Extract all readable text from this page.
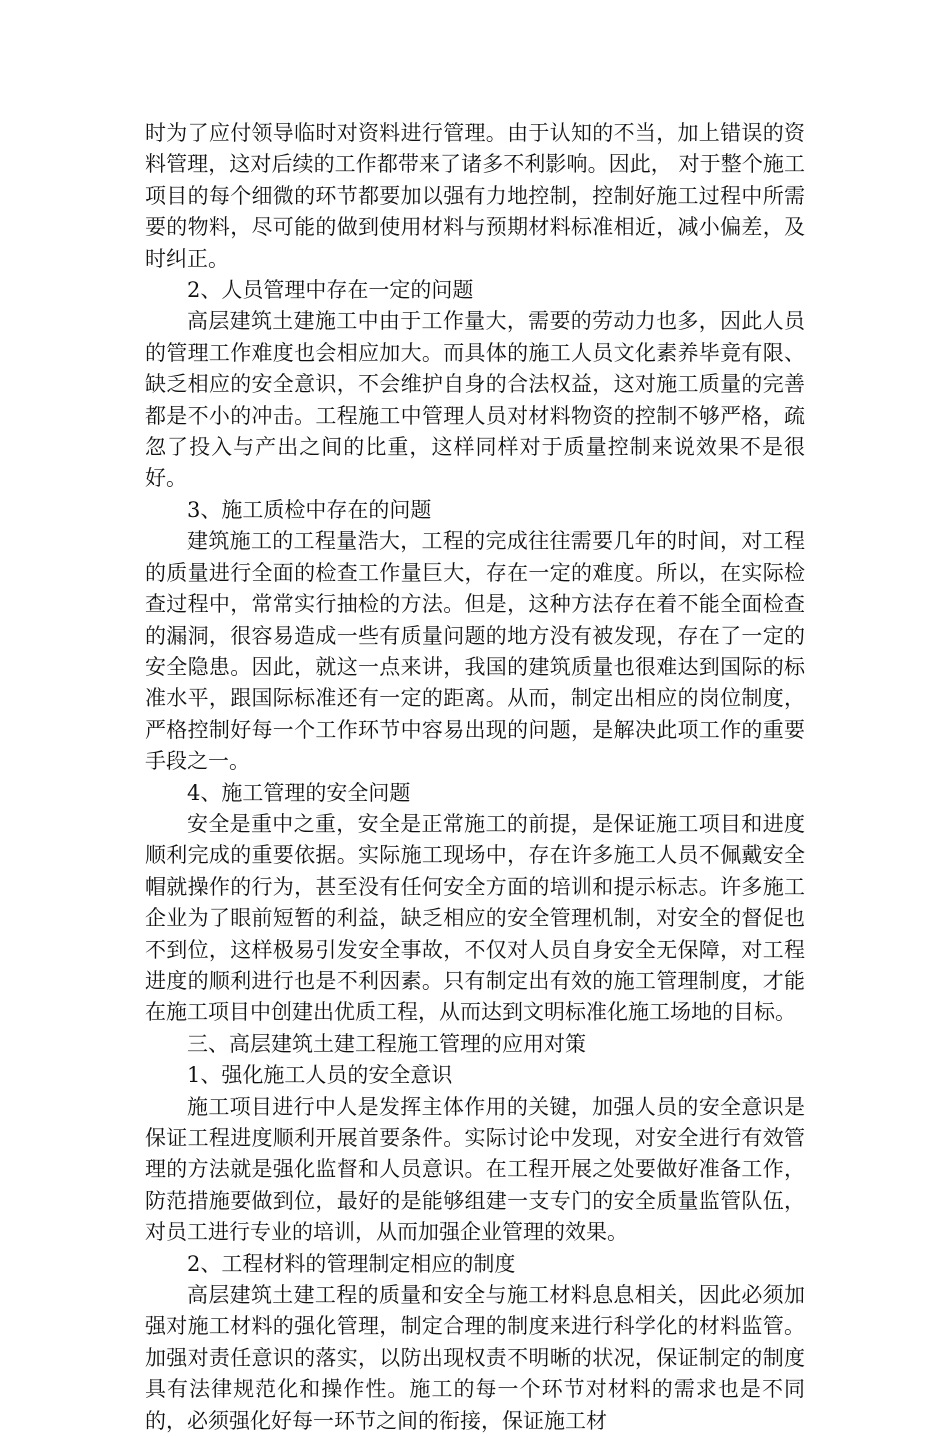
时为了应付领导临时对资料进行管理。由于认知的不当，加上错误的资料管理，这对后续的工作都带来了诸多不利影响。因此， 对于整个施工项目的每个细微的环节都要加以强有力地控制，控制好施工过程中所需要的物料，尽可能的做到使用材料与预期材料标准相近，减小偏差，及时纠正。

2、人员管理中存在一定的问题

高层建筑土建施工中由于工作量大，需要的劳动力也多，因此人员的管理工作难度也会相应加大。而具体的施工人员文化素养毕竟有限、缺乏相应的安全意识，不会维护自身的合法权益，这对施工质量的完善都是不小的冲击。工程施工中管理人员对材料物资的控制不够严格，疏忽了投入与产出之间的比重，这样同样对于质量控制来说效果不是很好。

3、施工质检中存在的问题

建筑施工的工程量浩大，工程的完成往往需要几年的时间，对工程的质量进行全面的检查工作量巨大，存在一定的难度。所以，在实际检查过程中，常常实行抽检的方法。但是，这种方法存在着不能全面检查的漏洞，很容易造成一些有质量问题的地方没有被发现，存在了一定的安全隐患。因此，就这一点来讲，我国的建筑质量也很难达到国际的标准水平，跟国际标准还有一定的距离。从而，制定出相应的岗位制度，严格控制好每一个工作环节中容易出现的问题，是解决此项工作的重要手段之一。

4、施工管理的安全问题

安全是重中之重，安全是正常施工的前提，是保证施工项目和进度顺利完成的重要依据。实际施工现场中，存在许多施工人员不佩戴安全帽就操作的行为，甚至没有任何安全方面的培训和提示标志。许多施工企业为了眼前短暂的利益，缺乏相应的安全管理机制，对安全的督促也不到位，这样极易引发安全事故，不仅对人员自身安全无保障，对工程进度的顺利进行也是不利因素。只有制定出有效的施工管理制度，才能在施工项目中创建出优质工程，从而达到文明标准化施工场地的目标。

三、高层建筑土建工程施工管理的应用对策

1、强化施工人员的安全意识

施工项目进行中人是发挥主体作用的关键，加强人员的安全意识是保证工程进度顺利开展首要条件。实际讨论中发现，对安全进行有效管理的方法就是强化监督和人员意识。在工程开展之处要做好准备工作，防范措施要做到位，最好的是能够组建一支专门的安全质量监管队伍，对员工进行专业的培训，从而加强企业管理的效果。

2、工程材料的管理制定相应的制度

高层建筑土建工程的质量和安全与施工材料息息相关，因此必须加强对施工材料的强化管理，制定合理的制度来进行科学化的材料监管。加强对责任意识的落实，以防出现权责不明晰的状况，保证制定的制度具有法律规范化和操作性。施工的每一个环节对材料的需求也是不同的，必须强化好每一环节之间的衔接，保证施工材
